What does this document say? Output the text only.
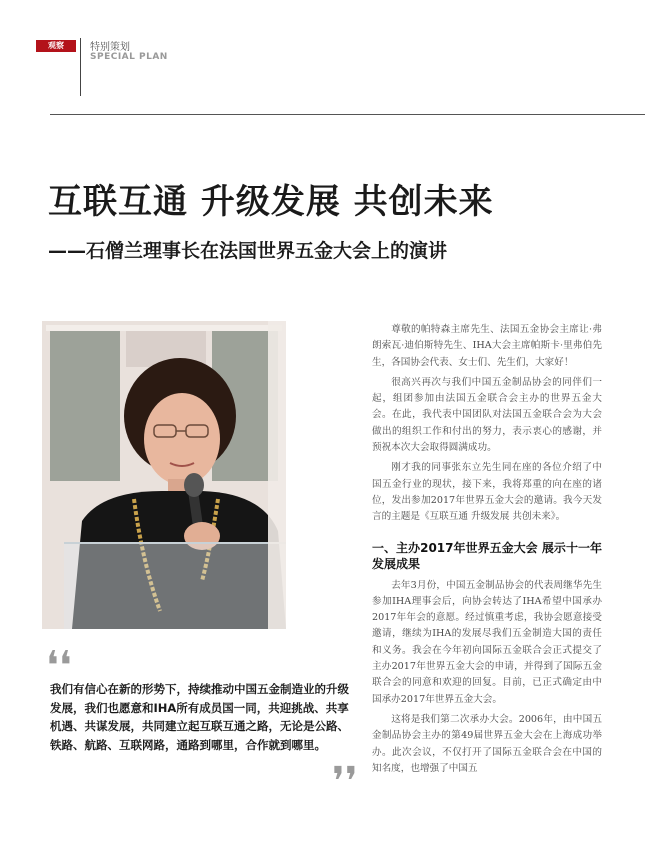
观察	特别策划
SPECIAL PLAN
互联互通 升级发展 共创未来
——石僧兰理事长在法国世界五金大会上的演讲
❛❛
我们有信心在新的形势下，持续推动中国五金制造业的升级发展，我们也愿意和IHA所有成员国一同，共迎挑战、共享机遇、共谋发展，共同建立起互联互通之路，无论是公路、铁路、航路、互联网路，通路到哪里，合作就到哪里。
❜❜

尊敬的帕特森主席先生、法国五金协会主席让·弗朗索瓦·迪伯斯特先生、IHA大会主席帕斯卡·里弗伯先生，各国协会代表、女士们、先生们，大家好！

很高兴再次与我们中国五金制品协会的同伴们一起，组团参加由法国五金联合会主办的世界五金大会。在此，我代表中国团队对法国五金联合会为大会做出的组织工作和付出的努力，表示衷心的感谢，并预祝本次大会取得圆满成功。

刚才我的同事张东立先生同在座的各位介绍了中国五金行业的现状，接下来，我将郑重的向在座的诸位，发出参加2017年世界五金大会的邀请。我今天发言的主题是《互联互通 升级发展 共创未来》。

一、主办2017年世界五金大会 展示十一年发展成果

去年3月份，中国五金制品协会的代表周继华先生参加IHA理事会后，向协会转达了IHA希望中国承办2017年年会的意愿。经过慎重考虑，我协会愿意接受邀请，继续为IHA的发展尽我们五金制造大国的责任和义务。我会在今年初向国际五金联合会正式提交了主办2017年世界五金大会的申请，并得到了国际五金联合会的同意和欢迎的回复。目前，已正式确定由中国承办2017年世界五金大会。

这将是我们第二次承办大会。2006年，由中国五金制品协会主办的第49届世界五金大会在上海成功举办。此次会议，不仅打开了国际五金联合会在中国的知名度，也增强了中国五
